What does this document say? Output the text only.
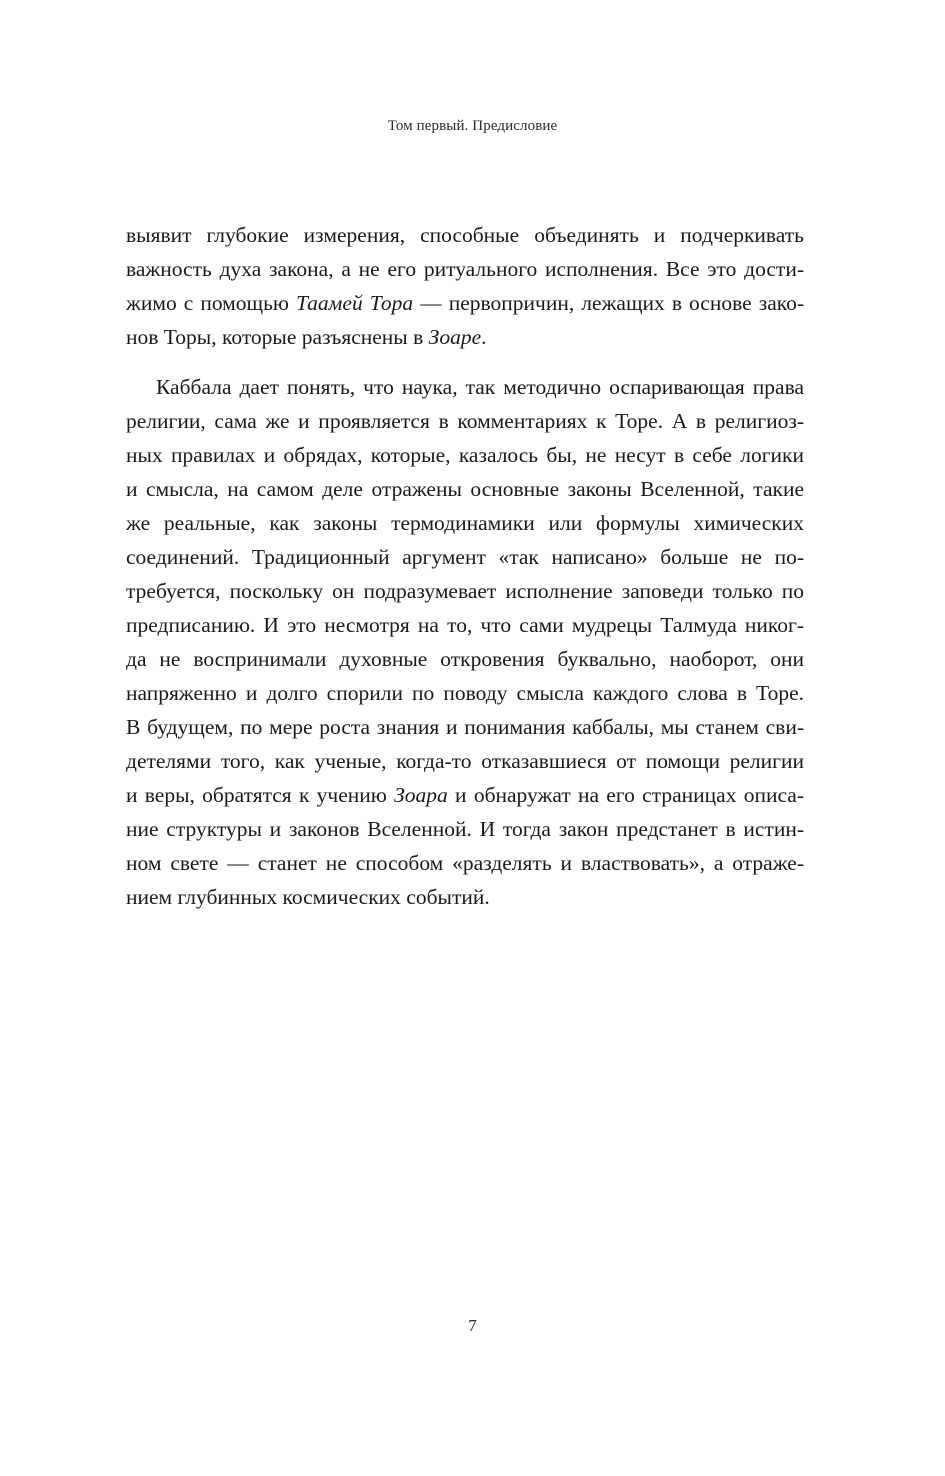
Том первый. Предисловие
выявит глубокие измерения, способные объединять и подчеркивать
важность духа закона, а не его ритуального исполнения. Все это дости-
жимо с помощью Таамей Тора — первопричин, лежащих в основе зако-
нов Торы, которые разъяснены в Зоаре.
Каббала дает понять, что наука, так методично оспаривающая права
религии, сама же и проявляется в комментариях к Торе. А в религиоз-
ных правилах и обрядах, которые, казалось бы, не несут в себе логики
и смысла, на самом деле отражены основные законы Вселенной, такие
же реальные, как законы термодинамики или формулы химических
соединений. Традиционный аргумент «так написано» больше не по-
требуется, поскольку он подразумевает исполнение заповеди только по
предписанию. И это несмотря на то, что сами мудрецы Талмуда никог-
да не воспринимали духовные откровения буквально, наоборот, они
напряженно и долго спорили по поводу смысла каждого слова в Торе.
В будущем, по мере роста знания и понимания каббалы, мы станем сви-
детелями того, как ученые, когда-то отказавшиеся от помощи религии
и веры, обратятся к учению Зоара и обнаружат на его страницах описа-
ние структуры и законов Вселенной. И тогда закон предстанет в истин-
ном свете — станет не способом «разделять и властвовать», а отраже-
нием глубинных космических событий.
7
